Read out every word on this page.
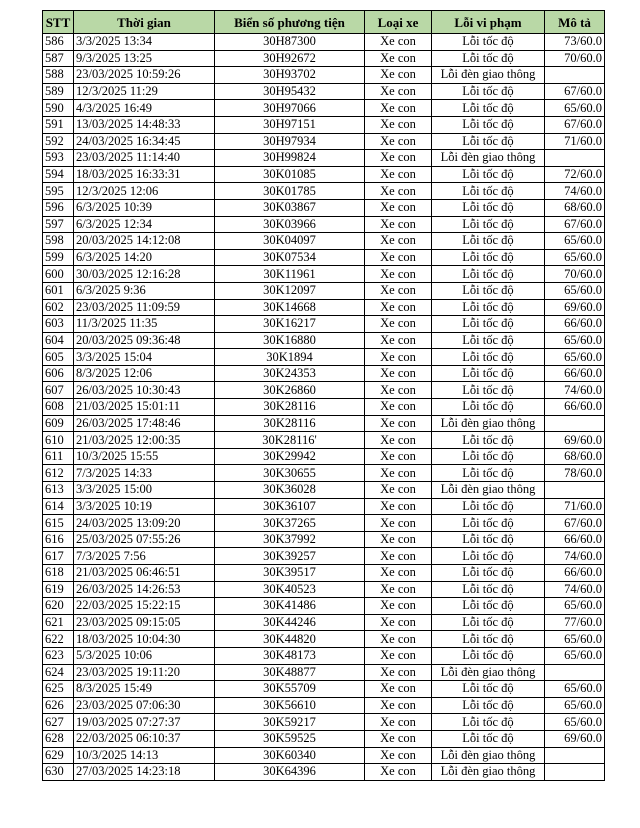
STT	Thời gian	Biển số phương tiện	Loại xe	Lỗi vi phạm	Mô tả
586	3/3/2025 13:34	30H87300	Xe con	Lỗi tốc độ	73/60.0
587	9/3/2025 13:25	30H92672	Xe con	Lỗi tốc độ	70/60.0
588	23/03/2025 10:59:26	30H93702	Xe con	Lỗi đèn giao thông	
589	12/3/2025 11:29	30H95432	Xe con	Lỗi tốc độ	67/60.0
590	4/3/2025 16:49	30H97066	Xe con	Lỗi tốc độ	65/60.0
591	13/03/2025 14:48:33	30H97151	Xe con	Lỗi tốc độ	67/60.0
592	24/03/2025 16:34:45	30H97934	Xe con	Lỗi tốc độ	71/60.0
593	23/03/2025 11:14:40	30H99824	Xe con	Lỗi đèn giao thông	
594	18/03/2025 16:33:31	30K01085	Xe con	Lỗi tốc độ	72/60.0
595	12/3/2025 12:06	30K01785	Xe con	Lỗi tốc độ	74/60.0
596	6/3/2025 10:39	30K03867	Xe con	Lỗi tốc độ	68/60.0
597	6/3/2025 12:34	30K03966	Xe con	Lỗi tốc độ	67/60.0
598	20/03/2025 14:12:08	30K04097	Xe con	Lỗi tốc độ	65/60.0
599	6/3/2025 14:20	30K07534	Xe con	Lỗi tốc độ	65/60.0
600	30/03/2025 12:16:28	30K11961	Xe con	Lỗi tốc độ	70/60.0
601	6/3/2025 9:36	30K12097	Xe con	Lỗi tốc độ	65/60.0
602	23/03/2025 11:09:59	30K14668	Xe con	Lỗi tốc độ	69/60.0
603	11/3/2025 11:35	30K16217	Xe con	Lỗi tốc độ	66/60.0
604	20/03/2025 09:36:48	30K16880	Xe con	Lỗi tốc độ	65/60.0
605	3/3/2025 15:04	30K1894	Xe con	Lỗi tốc độ	65/60.0
606	8/3/2025 12:06	30K24353	Xe con	Lỗi tốc độ	66/60.0
607	26/03/2025 10:30:43	30K26860	Xe con	Lỗi tốc độ	74/60.0
608	21/03/2025 15:01:11	30K28116	Xe con	Lỗi tốc độ	66/60.0
609	26/03/2025 17:48:46	30K28116	Xe con	Lỗi đèn giao thông	
610	21/03/2025 12:00:35	30K28116'	Xe con	Lỗi tốc độ	69/60.0
611	10/3/2025 15:55	30K29942	Xe con	Lỗi tốc độ	68/60.0
612	7/3/2025 14:33	30K30655	Xe con	Lỗi tốc độ	78/60.0
613	3/3/2025 15:00	30K36028	Xe con	Lỗi đèn giao thông	
614	3/3/2025 10:19	30K36107	Xe con	Lỗi tốc độ	71/60.0
615	24/03/2025 13:09:20	30K37265	Xe con	Lỗi tốc độ	67/60.0
616	25/03/2025 07:55:26	30K37992	Xe con	Lỗi tốc độ	66/60.0
617	7/3/2025 7:56	30K39257	Xe con	Lỗi tốc độ	74/60.0
618	21/03/2025 06:46:51	30K39517	Xe con	Lỗi tốc độ	66/60.0
619	26/03/2025 14:26:53	30K40523	Xe con	Lỗi tốc độ	74/60.0
620	22/03/2025 15:22:15	30K41486	Xe con	Lỗi tốc độ	65/60.0
621	23/03/2025 09:15:05	30K44246	Xe con	Lỗi tốc độ	77/60.0
622	18/03/2025 10:04:30	30K44820	Xe con	Lỗi tốc độ	65/60.0
623	5/3/2025 10:06	30K48173	Xe con	Lỗi tốc độ	65/60.0
624	23/03/2025 19:11:20	30K48877	Xe con	Lỗi đèn giao thông	
625	8/3/2025 15:49	30K55709	Xe con	Lỗi tốc độ	65/60.0
626	23/03/2025 07:06:30	30K56610	Xe con	Lỗi tốc độ	65/60.0
627	19/03/2025 07:27:37	30K59217	Xe con	Lỗi tốc độ	65/60.0
628	22/03/2025 06:10:37	30K59525	Xe con	Lỗi tốc độ	69/60.0
629	10/3/2025 14:13	30K60340	Xe con	Lỗi đèn giao thông	
630	27/03/2025 14:23:18	30K64396	Xe con	Lỗi đèn giao thông	
